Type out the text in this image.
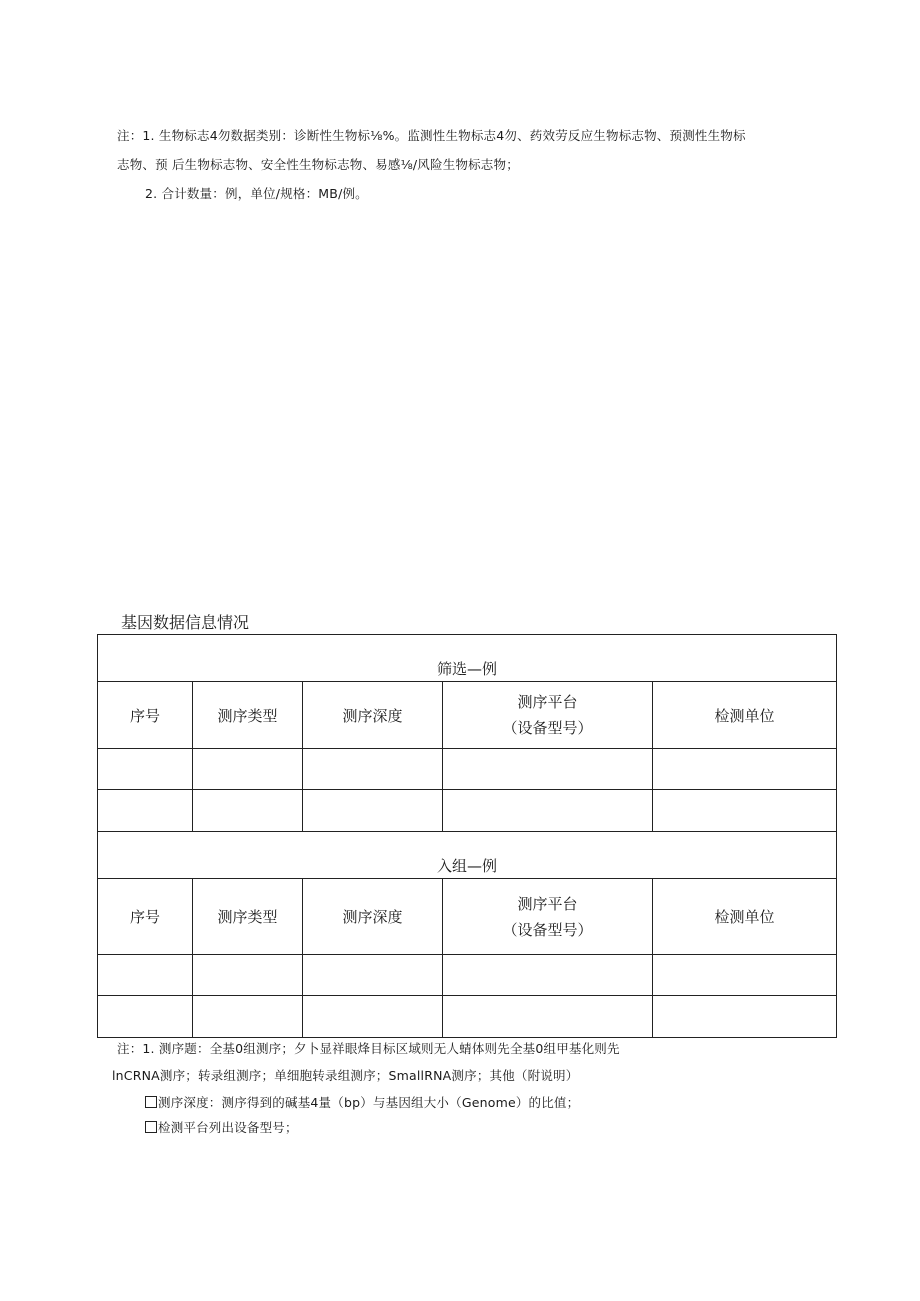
注：1. 生物标志4勿数据类别：诊断性生物标⅛%。监测性生物标志4勿、药效劳反应生物标志物、预测性生物标
志物、预 后生物标志物、安全性生物标志物、易感⅛/风险生物标志物；
2. 合计数量：例，单位/规格：MB/例。
基因数据信息情况
筛选—例				
序号	测序类型	测序深度	测序平台
（设备型号）	检测单位

入组—例				
序号	测序类型	测序深度	测序平台
（设备型号）	检测单位

注：1. 测序题：全基0组测序；夕卜显祥眼烽目标区域则无人蜻体则先全基0组甲基化则先
lnCRNA测序；转录组测序；单细胞转录组测序；SmallRNA测序；其他（附说明）
测序深度：测序得到的碱基4量（bp）与基因组大小（Genome）的比值；
检测平台列出设备型号；
